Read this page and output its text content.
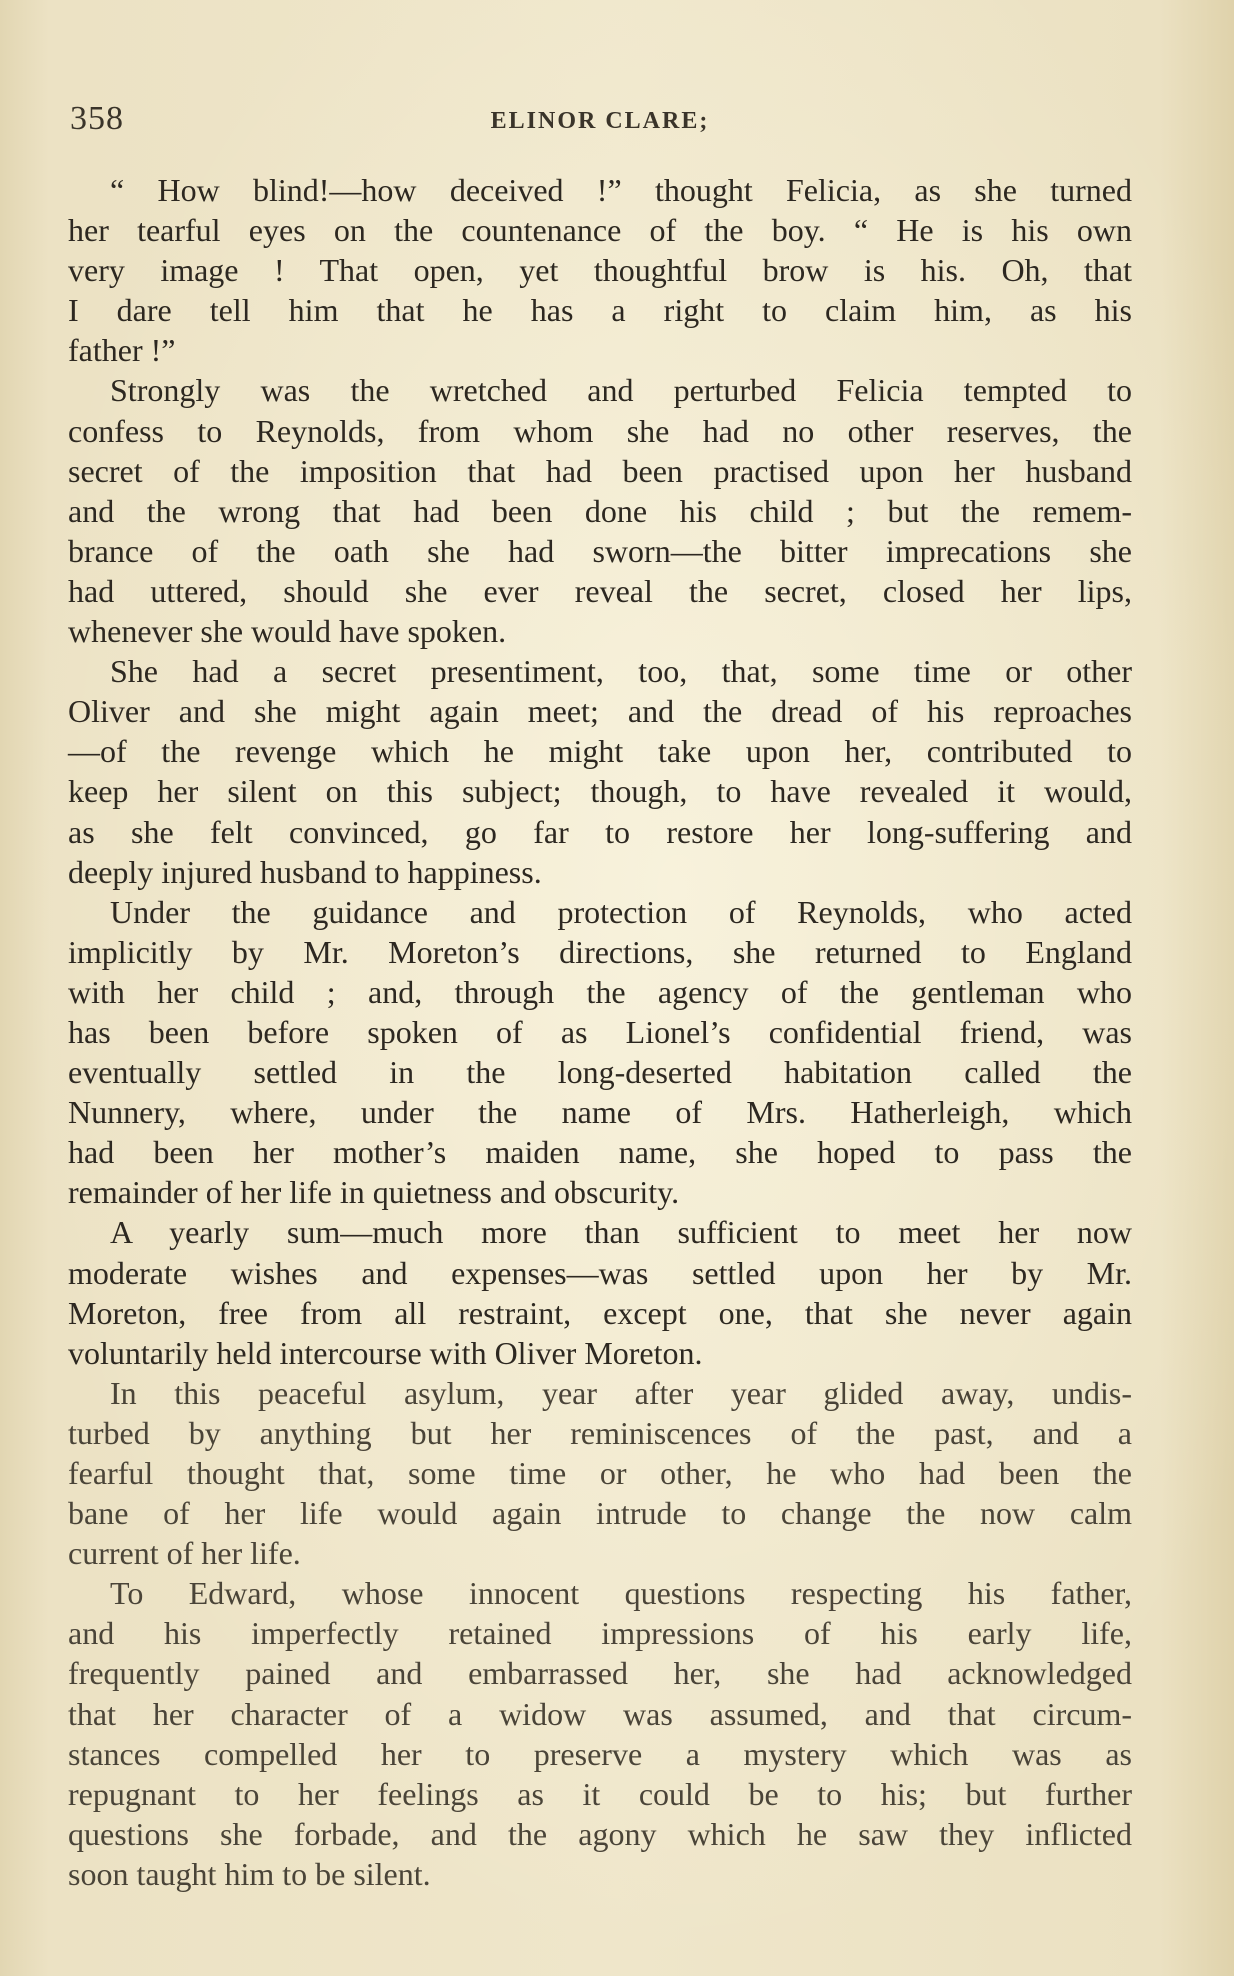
358	ELINOR CLARE;

“ How blind!—how deceived !” thought Felicia, as she turned
her tearful eyes on the countenance of the boy. “ He is his own
very image ! That open, yet thoughtful brow is his. Oh, that
I dare tell him that he has a right to claim him, as his
father !”

Strongly was the wretched and perturbed Felicia tempted to
confess to Reynolds, from whom she had no other reserves, the
secret of the imposition that had been practised upon her husband
and the wrong that had been done his child ; but the remem-
brance of the oath she had sworn—the bitter imprecations she
had uttered, should she ever reveal the secret, closed her lips,
whenever she would have spoken.

She had a secret presentiment, too, that, some time or other
Oliver and she might again meet; and the dread of his reproaches
—of the revenge which he might take upon her, contributed to
keep her silent on this subject; though, to have revealed it would,
as she felt convinced, go far to restore her long-suffering and
deeply injured husband to happiness.

Under the guidance and protection of Reynolds, who acted
implicitly by Mr. Moreton’s directions, she returned to England
with her child ; and, through the agency of the gentleman who
has been before spoken of as Lionel’s confidential friend, was
eventually settled in the long-deserted habitation called the
Nunnery, where, under the name of Mrs. Hatherleigh, which
had been her mother’s maiden name, she hoped to pass the
remainder of her life in quietness and obscurity.

A yearly sum—much more than sufficient to meet her now
moderate wishes and expenses—was settled upon her by Mr.
Moreton, free from all restraint, except one, that she never again
voluntarily held intercourse with Oliver Moreton.

In this peaceful asylum, year after year glided away, undis-
turbed by anything but her reminiscences of the past, and a
fearful thought that, some time or other, he who had been the
bane of her life would again intrude to change the now calm
current of her life.

To Edward, whose innocent questions respecting his father,
and his imperfectly retained impressions of his early life,
frequently pained and embarrassed her, she had acknowledged
that her character of a widow was assumed, and that circum-
stances compelled her to preserve a mystery which was as
repugnant to her feelings as it could be to his; but further
questions she forbade, and the agony which he saw they inflicted
soon taught him to be silent.
